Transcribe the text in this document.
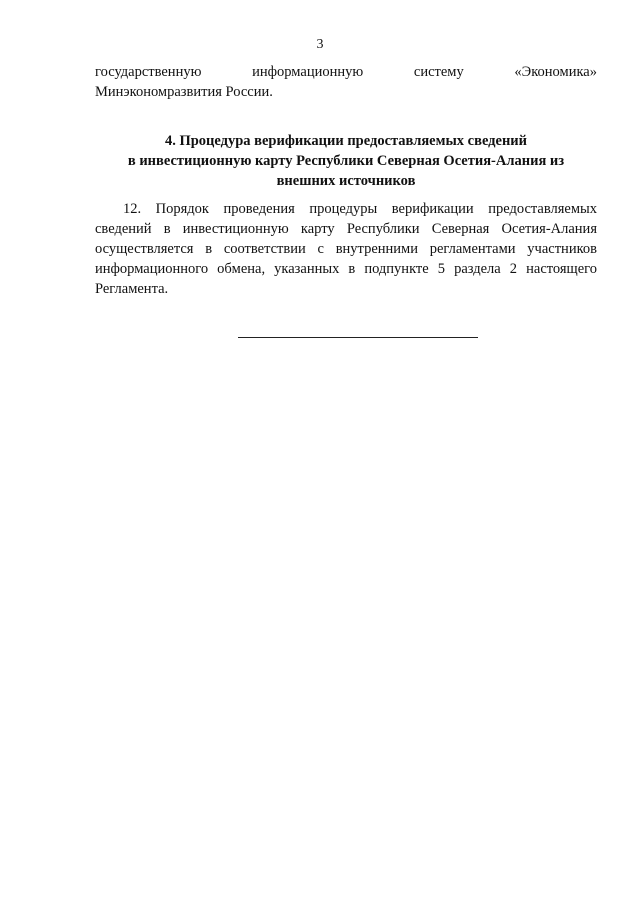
3
государственную	информационную	систему	«Экономика»
Минэкономразвития России.
4. Процедура верификации предоставляемых сведений
в инвестиционную карту Республики Северная Осетия-Алания из
внешних источников
12. Порядок проведения процедуры верификации предоставляемых
сведений в инвестиционную карту Республики Северная Осетия-Алания
осуществляется в соответствии с внутренними регламентами участников
информационного обмена, указанных в подпункте 5 раздела 2 настоящего
Регламента.
